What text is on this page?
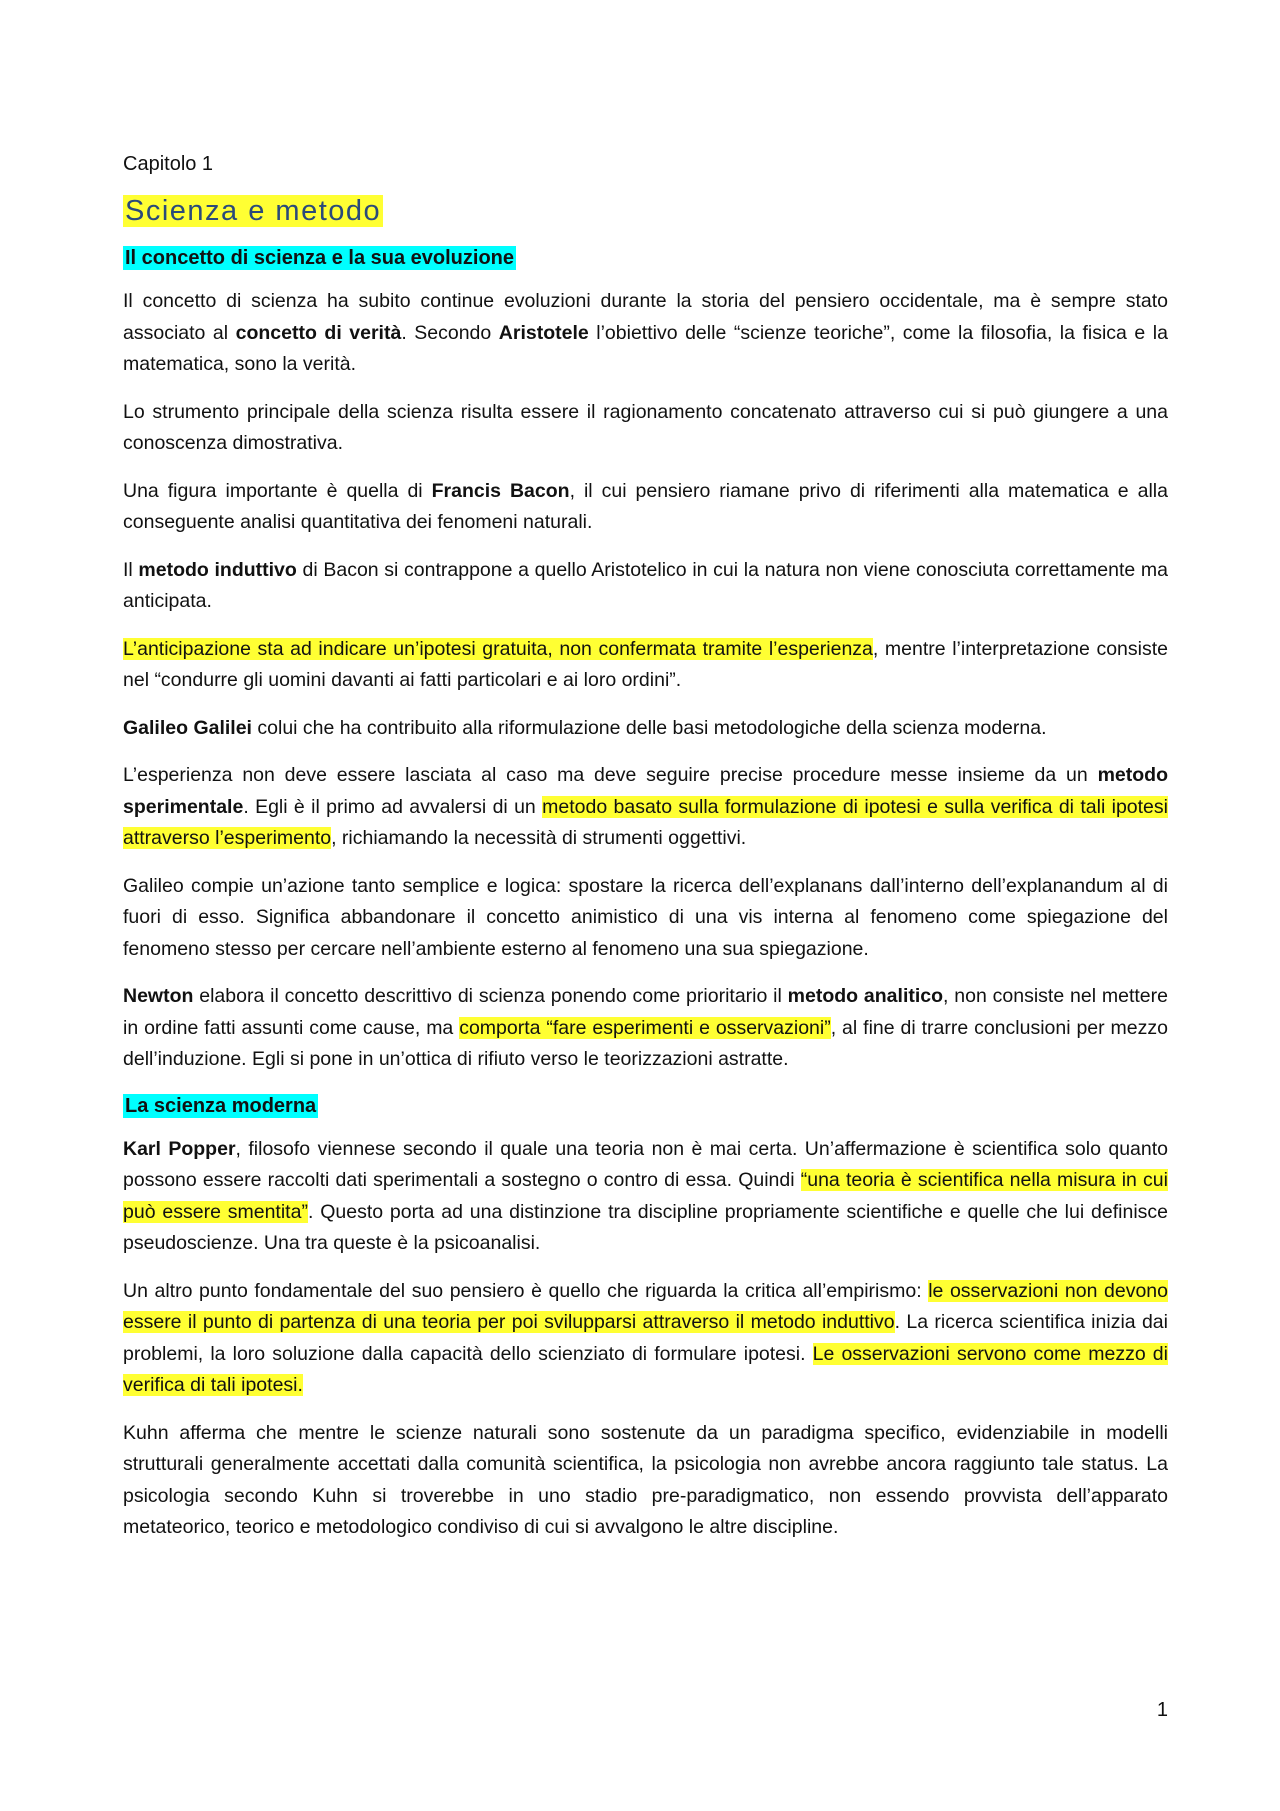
Capitolo 1
Scienza e metodo
Il concetto di scienza e la sua evoluzione

Il concetto di scienza ha subito continue evoluzioni durante la storia del pensiero occidentale, ma è sempre stato associato al concetto di verità. Secondo Aristotele l’obiettivo delle “scienze teoriche”, come la filosofia, la fisica e la matematica, sono la verità.

Lo strumento principale della scienza risulta essere il ragionamento concatenato attraverso cui si può giungere a una conoscenza dimostrativa.

Una figura importante è quella di Francis Bacon, il cui pensiero riamane privo di riferimenti alla matematica e alla conseguente analisi quantitativa dei fenomeni naturali.

Il metodo induttivo di Bacon si contrappone a quello Aristotelico in cui la natura non viene conosciuta correttamente ma anticipata.

L’anticipazione sta ad indicare un’ipotesi gratuita, non confermata tramite l’esperienza, mentre l’interpretazione consiste nel “condurre gli uomini davanti ai fatti particolari e ai loro ordini”.

Galileo Galilei colui che ha contribuito alla riformulazione delle basi metodologiche della scienza moderna.

L’esperienza non deve essere lasciata al caso ma deve seguire precise procedure messe insieme da un metodo sperimentale. Egli è il primo ad avvalersi di un metodo basato sulla formulazione di ipotesi e sulla verifica di tali ipotesi attraverso l’esperimento, richiamando la necessità di strumenti oggettivi.

Galileo compie un’azione tanto semplice e logica: spostare la ricerca dell’explanans dall’interno dell’explanandum al di fuori di esso. Significa abbandonare il concetto animistico di una vis interna al fenomeno come spiegazione del fenomeno stesso per cercare nell’ambiente esterno al fenomeno una sua spiegazione.

Newton elabora il concetto descrittivo di scienza ponendo come prioritario il metodo analitico, non consiste nel mettere in ordine fatti assunti come cause, ma comporta “fare esperimenti e osservazioni”, al fine di trarre conclusioni per mezzo dell’induzione. Egli si pone in un’ottica di rifiuto verso le teorizzazioni astratte.

La scienza moderna

Karl Popper, filosofo viennese secondo il quale una teoria non è mai certa. Un’affermazione è scientifica solo quanto possono essere raccolti dati sperimentali a sostegno o contro di essa. Quindi “una teoria è scientifica nella misura in cui può essere smentita”. Questo porta ad una distinzione tra discipline propriamente scientifiche e quelle che lui definisce pseudoscienze. Una tra queste è la psicoanalisi.

Un altro punto fondamentale del suo pensiero è quello che riguarda la critica all’empirismo: le osservazioni non devono essere il punto di partenza di una teoria per poi svilupparsi attraverso il metodo induttivo. La ricerca scientifica inizia dai problemi, la loro soluzione dalla capacità dello scienziato di formulare ipotesi. Le osservazioni servono come mezzo di verifica di tali ipotesi.

Kuhn afferma che mentre le scienze naturali sono sostenute da un paradigma specifico, evidenziabile in modelli strutturali generalmente accettati dalla comunità scientifica, la psicologia non avrebbe ancora raggiunto tale status. La psicologia secondo Kuhn si troverebbe in uno stadio pre-paradigmatico, non essendo provvista dell’apparato metateorico, teorico e metodologico condiviso di cui si avvalgono le altre discipline.

1
